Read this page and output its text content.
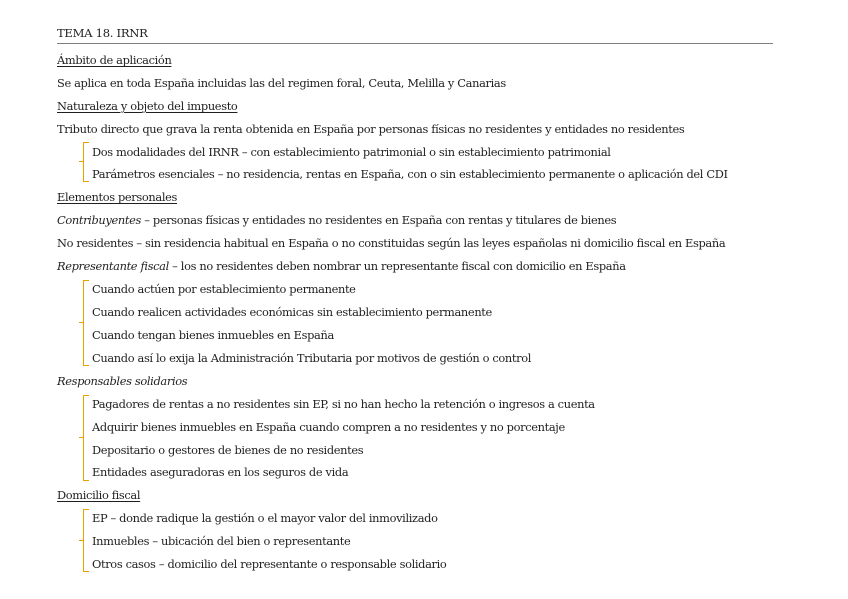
TEMA 18. IRNR
Ámbito de aplicación
Se aplica en toda España incluidas las del regimen foral, Ceuta, Melilla y Canarias
Naturaleza y objeto del impuesto
Tributo directo que grava la renta obtenida en España por personas físicas no residentes y entidades no residentes
Dos modalidades del IRNR – con establecimiento patrimonial o sin establecimiento patrimonial
Parámetros esenciales – no residencia, rentas en España, con o sin establecimiento permanente o aplicación del CDI
Elementos personales
Contribuyentes – personas físicas y entidades no residentes en España con rentas y titulares de bienes
No residentes – sin residencia habitual en España o no constituidas según las leyes españolas ni domicilio fiscal en España
Representante fiscal – los no residentes deben nombrar un representante fiscal con domicilio en España
Cuando actúen por establecimiento permanente
Cuando realicen actividades económicas sin establecimiento permanente
Cuando tengan bienes inmuebles en España
Cuando así lo exija la Administración Tributaria por motivos de gestión o control
Responsables solidarios
Pagadores de rentas a no residentes sin EP, si no han hecho la retención o ingresos a cuenta
Adquirir bienes inmuebles en España cuando compren a no residentes y no porcentaje
Depositario o gestores de bienes de no residentes
Entidades aseguradoras en los seguros de vida
Domicilio fiscal
EP – donde radique la gestión o el mayor valor del inmovilizado
Inmuebles – ubicación del bien o representante
Otros casos – domicilio del representante o responsable solidario
